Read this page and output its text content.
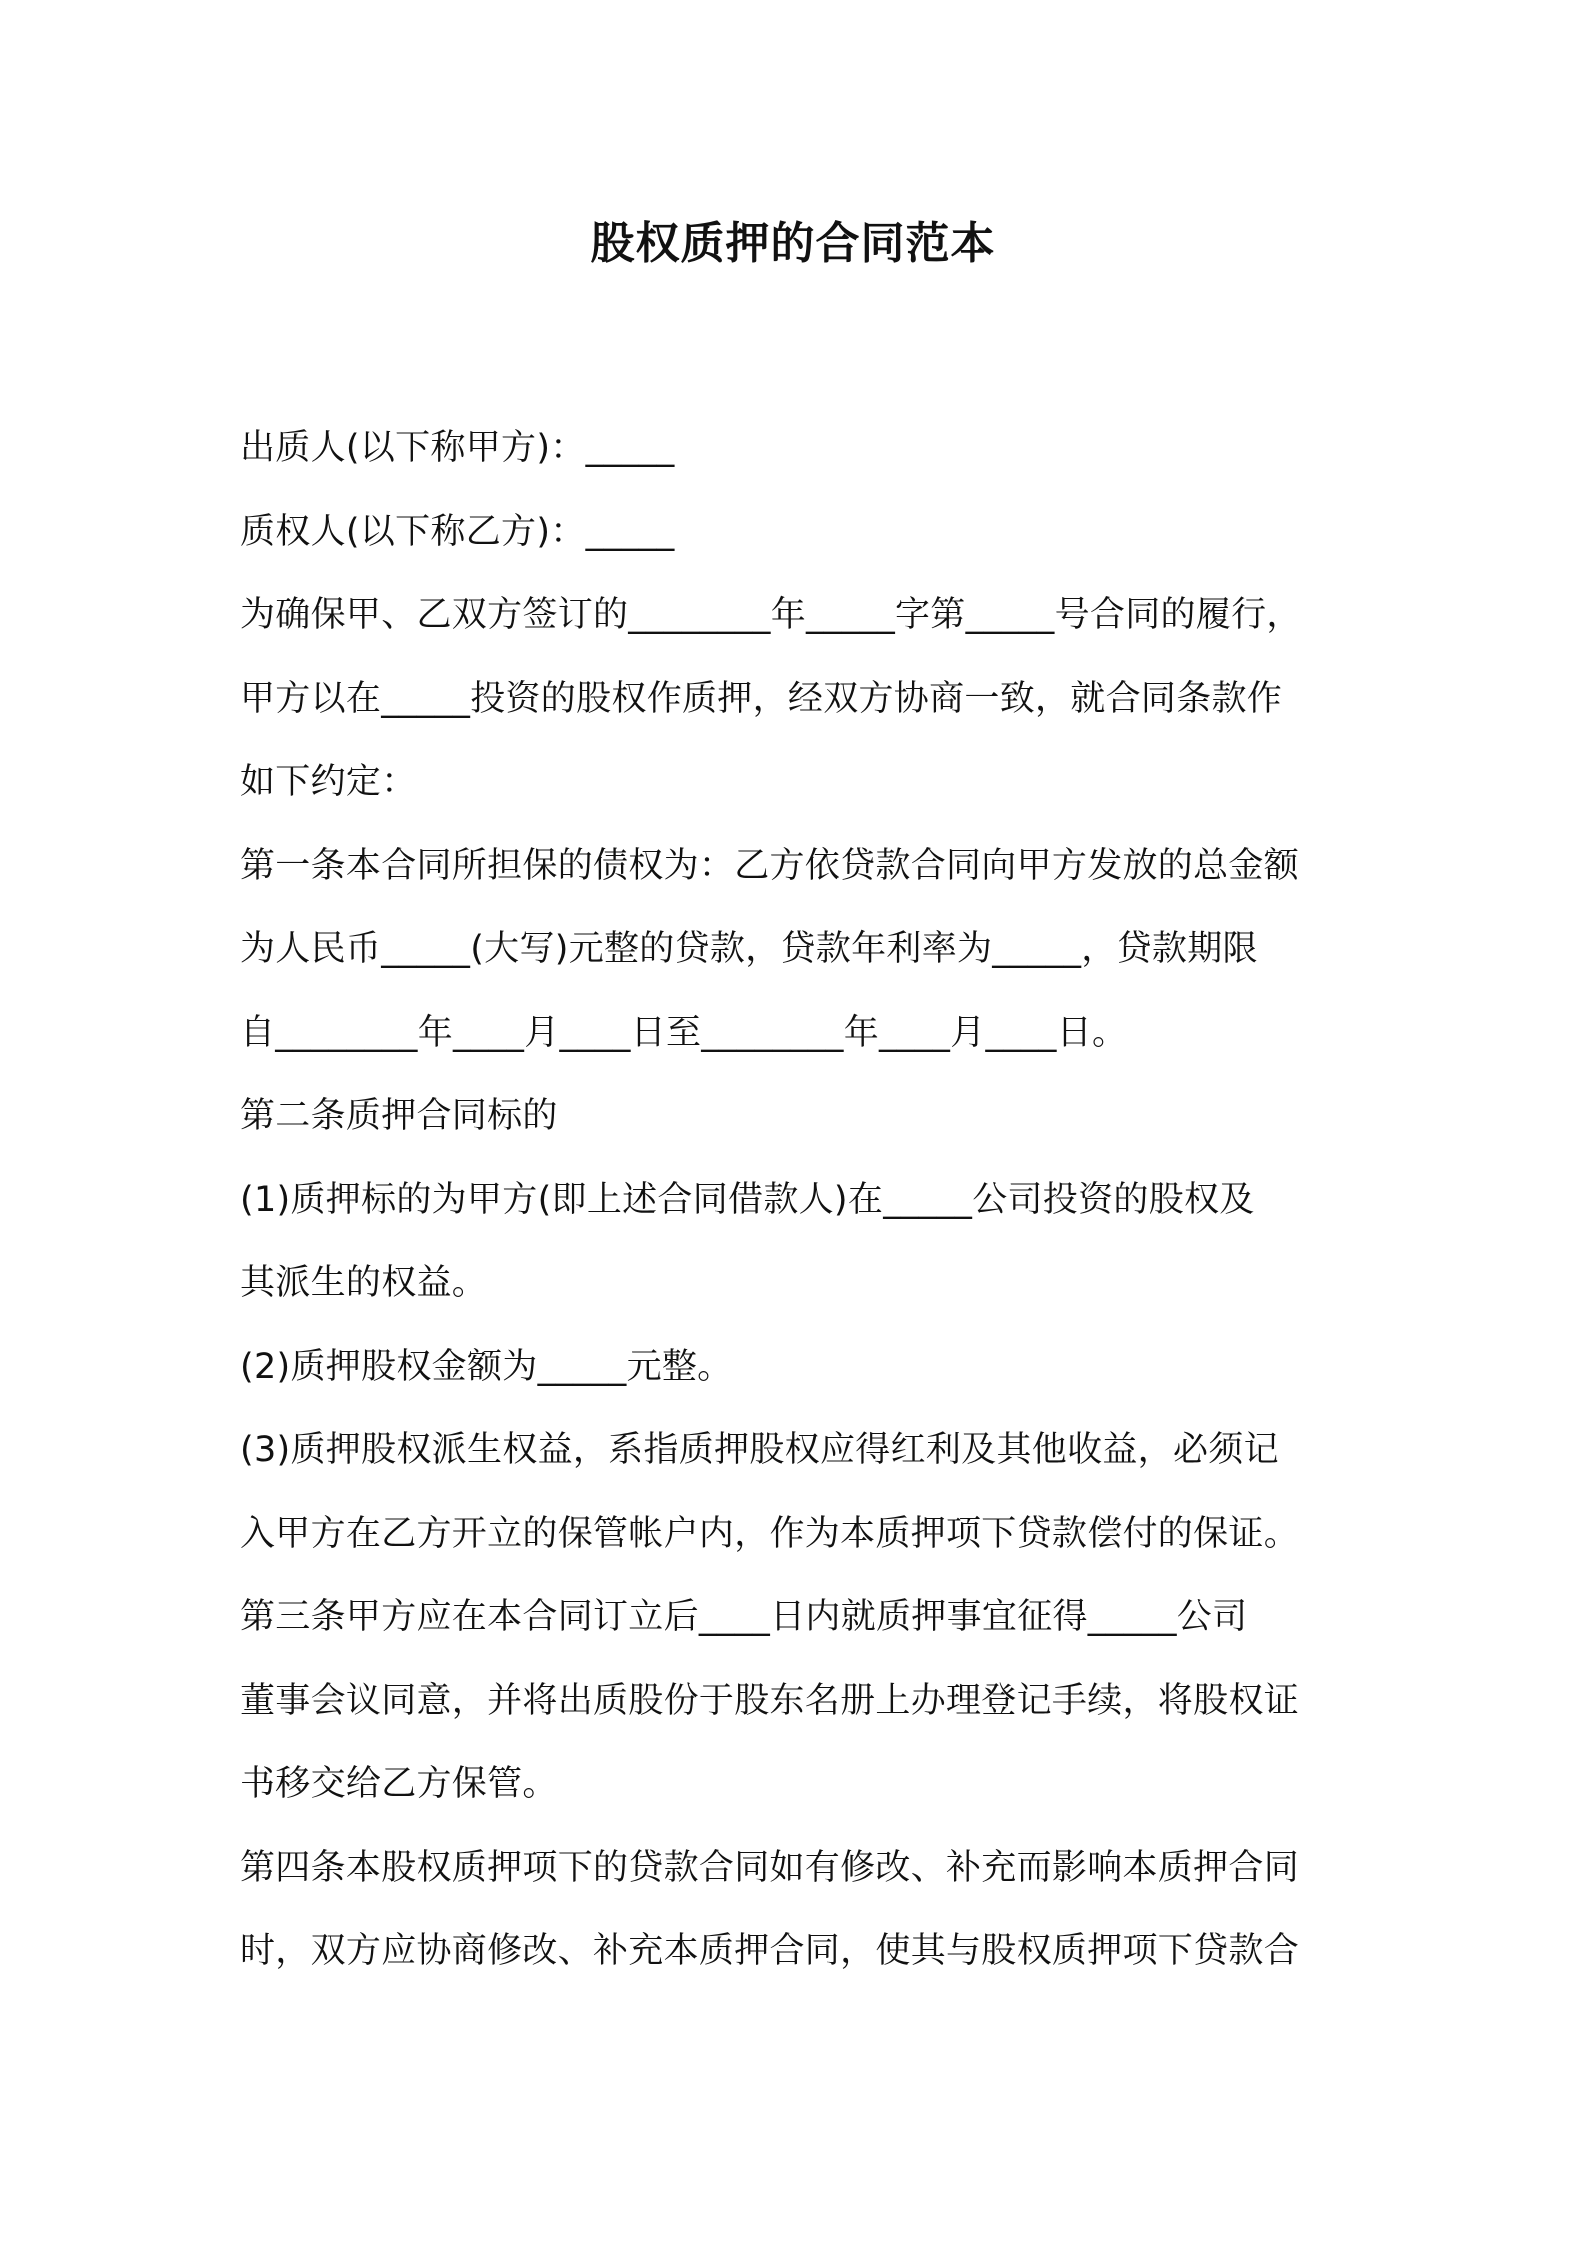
股权质押的合同范本
出质人(以下称甲方)：_____
质权人(以下称乙方)：_____
为确保甲、乙双方签订的________年_____字第_____号合同的履行，
甲方以在_____投资的股权作质押，经双方协商一致，就合同条款作
如下约定：
第一条本合同所担保的债权为：乙方依贷款合同向甲方发放的总金额
为人民币_____(大写)元整的贷款，贷款年利率为_____，贷款期限
自________年____月____日至________年____月____日。
第二条质押合同标的
(1)质押标的为甲方(即上述合同借款人)在_____公司投资的股权及
其派生的权益。
(2)质押股权金额为_____元整。
(3)质押股权派生权益，系指质押股权应得红利及其他收益，必须记
入甲方在乙方开立的保管帐户内，作为本质押项下贷款偿付的保证。
第三条甲方应在本合同订立后____日内就质押事宜征得_____公司
董事会议同意，并将出质股份于股东名册上办理登记手续，将股权证
书移交给乙方保管。
第四条本股权质押项下的贷款合同如有修改、补充而影响本质押合同
时，双方应协商修改、补充本质押合同，使其与股权质押项下贷款合
